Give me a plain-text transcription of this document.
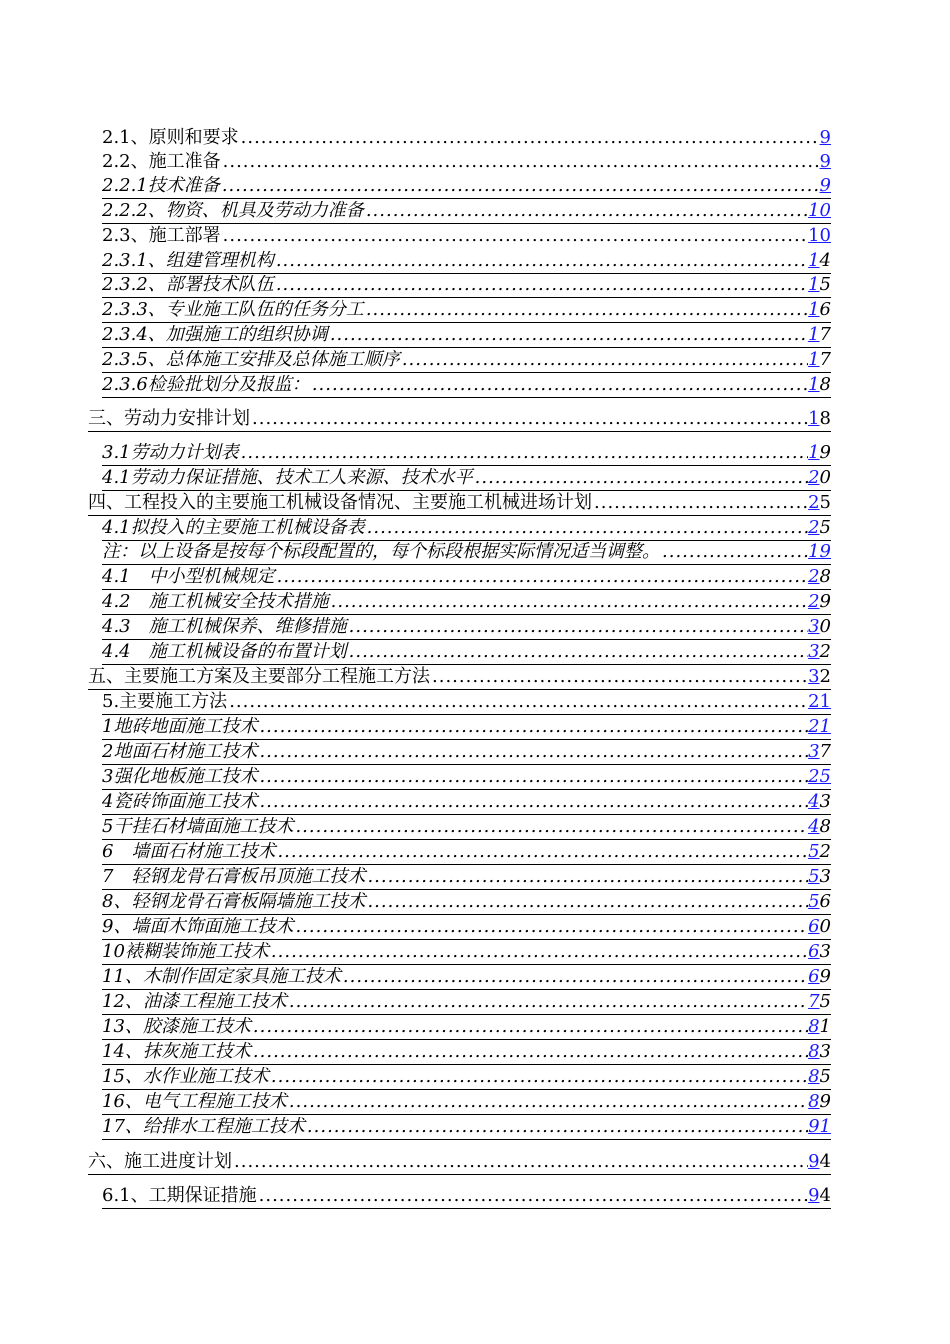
2.1、原则和要求 .....	9
2.2、施工准备 .....	9
2.2.1技术准备 .....	9
2.2.2、物资、机具及劳动力准备 .....	10
2.3、施工部署 .....	10
2.3.1、组建管理机构 .....	14
2.3.2、部署技术队伍 .....	15
2.3.3、专业施工队伍的任务分工 .....	16
2.3.4、加强施工的组织协调 .....	17
2.3.5、总体施工安排及总体施工顺序 .....	17
2.3.6检验批划分及报监： .....	18
三、劳动力安排计划 .....	18
3.1劳动力计划表 .....	19
4.1劳动力保证措施、技术工人来源、技术水平 .....	20
四、工程投入的主要施工机械设备情况、主要施工机械进场计划 .....	25
4.1拟投入的主要施工机械设备表 .....	25
注：以上设备是按每个标段配置的，每个标段根据实际情况适当调整。 .....	19
4.1　中小型机械规定 .....	28
4.2　施工机械安全技术措施 .....	29
4.3　施工机械保养、维修措施 .....	30
4.4　施工机械设备的布置计划 .....	32
五、主要施工方案及主要部分工程施工方法 .....	32
5.主要施工方法 .....	21
1地砖地面施工技术 .....	21
2地面石材施工技术 .....	37
3强化地板施工技术 .....	25
4瓷砖饰面施工技术 .....	43
5干挂石材墙面施工技术 .....	48
6　墙面石材施工技术 .....	52
7　轻钢龙骨石膏板吊顶施工技术 .....	53
8、轻钢龙骨石膏板隔墙施工技术 .....	56
9、墙面木饰面施工技术 .....	60
10裱糊装饰施工技术 .....	63
11、木制作固定家具施工技术 .....	69
12、油漆工程施工技术 .....	75
13、胶漆施工技术 .....	81
14、抹灰施工技术 .....	83
15、水作业施工技术 .....	85
16、电气工程施工技术 .....	89
17、给排水工程施工技术 .....	91
六、施工进度计划 .....	94
6.1、工期保证措施 .....	94
